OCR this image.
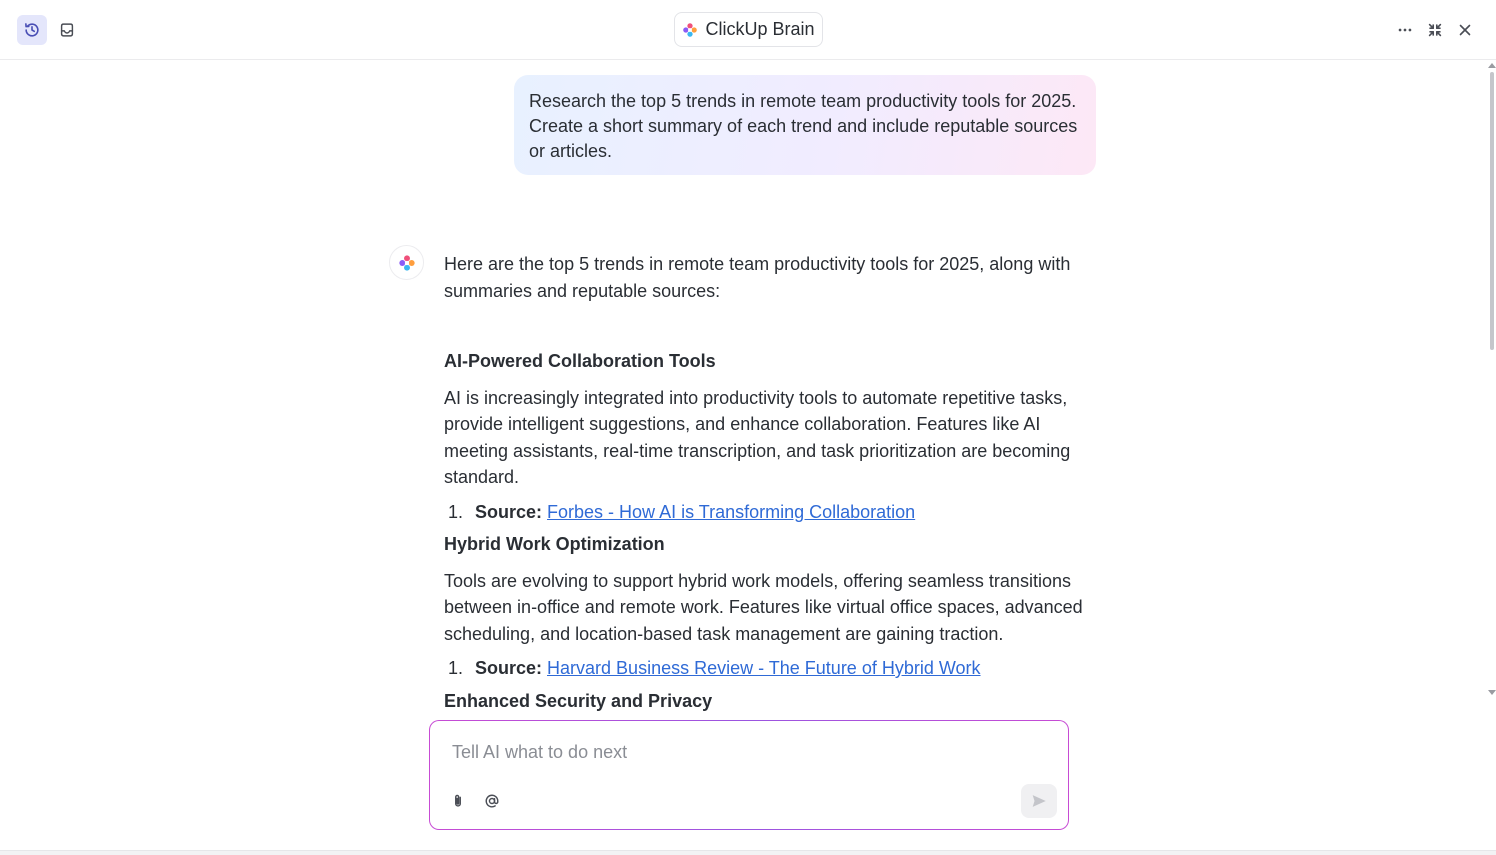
ClickUp Brain
Research the top 5 trends in remote team productivity tools for 2025. Create a short summary of each trend and include reputable sources or articles.

Here are the top 5 trends in remote team productivity tools for 2025, along with summaries and reputable sources:

AI-Powered Collaboration Tools

AI is increasingly integrated into productivity tools to automate repetitive tasks, provide intelligent suggestions, and enhance collaboration. Features like AI meeting assistants, real-time transcription, and task prioritization are becoming standard.

1. Source: Forbes - How AI is Transforming Collaboration

Hybrid Work Optimization

Tools are evolving to support hybrid work models, offering seamless transitions between in-office and remote work. Features like virtual office spaces, advanced scheduling, and location-based task management are gaining traction.

1. Source: Harvard Business Review - The Future of Hybrid Work

Enhanced Security and Privacy

Tell AI what to do next
